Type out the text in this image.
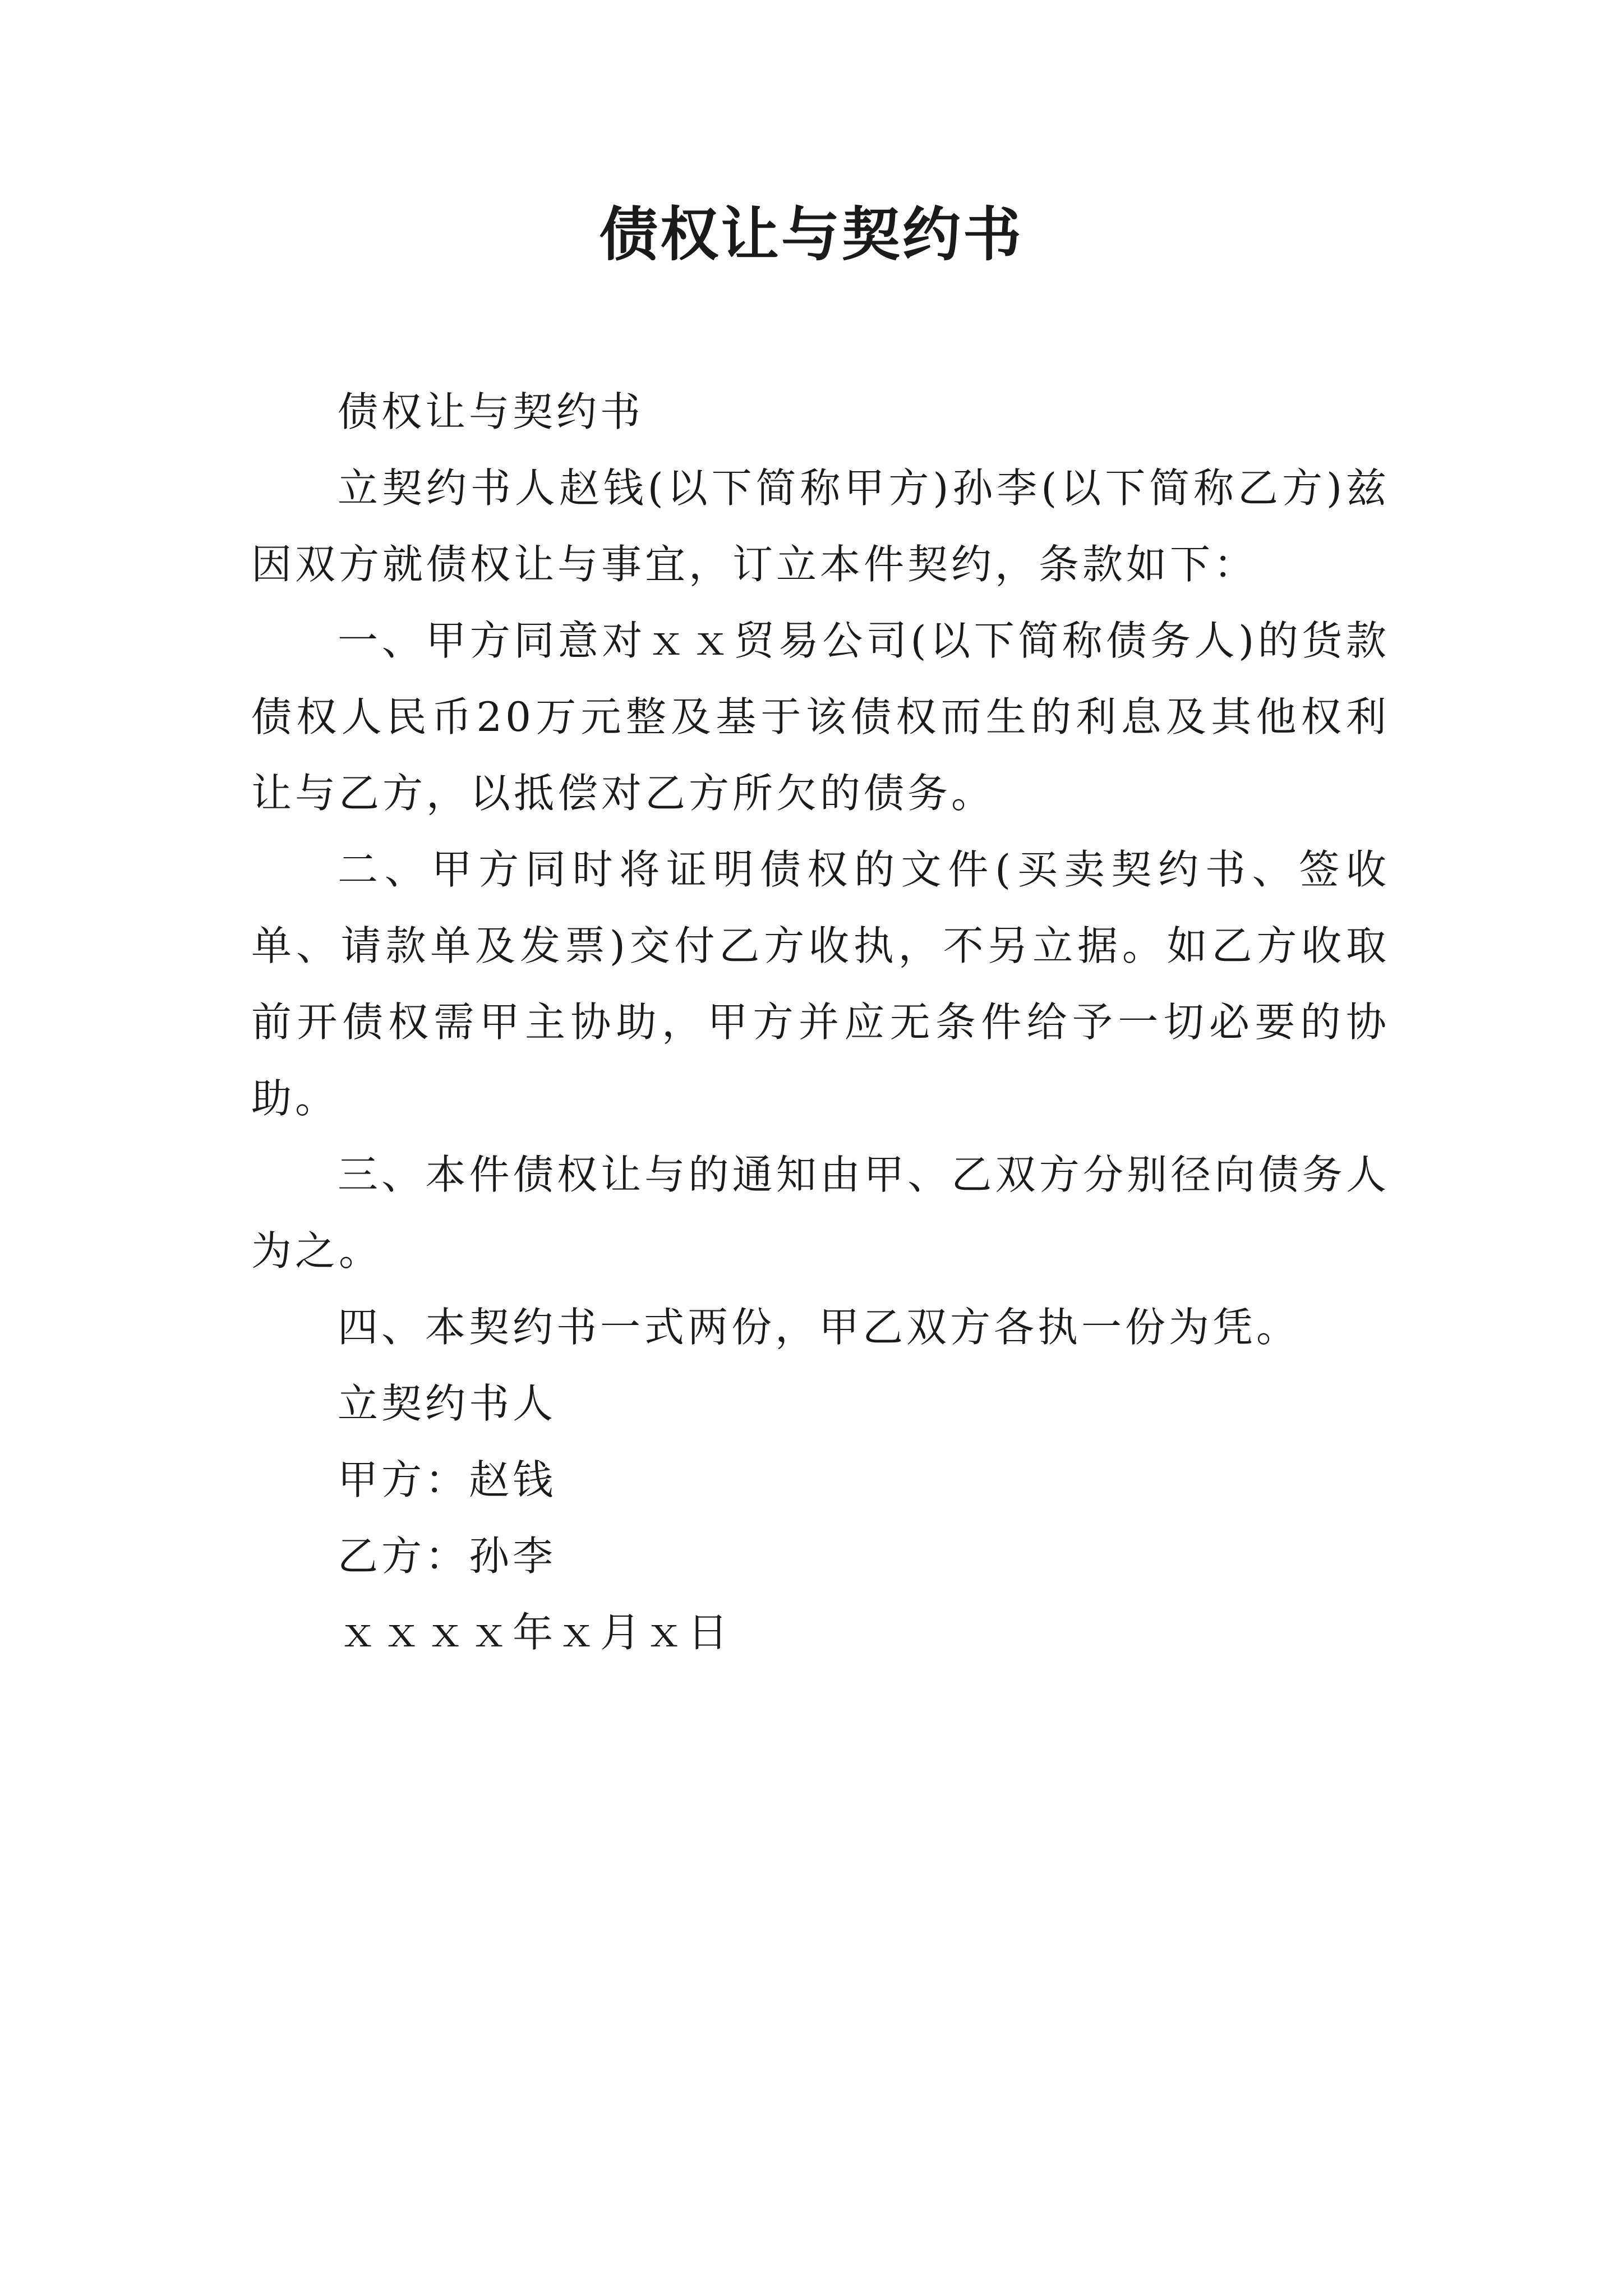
债权让与契约书

债权让与契约书

立契约书人赵钱(以下简称甲方)孙李(以下简称乙方)兹因双方就债权让与事宜，订立本件契约，条款如下：

一、甲方同意对ｘｘ贸易公司(以下简称债务人)的货款债权人民币20万元整及基于该债权而生的利息及其他权利让与乙方，以抵偿对乙方所欠的债务。

二、甲方同时将证明债权的文件(买卖契约书、签收单、请款单及发票)交付乙方收执，不另立据。如乙方收取前开债权需甲主协助，甲方并应无条件给予一切必要的协助。

三、本件债权让与的通知由甲、乙双方分别径向债务人为之。

四、本契约书一式两份，甲乙双方各执一份为凭。

立契约书人

甲方：赵钱

乙方：孙李

ｘｘｘｘ年ｘ月ｘ日
